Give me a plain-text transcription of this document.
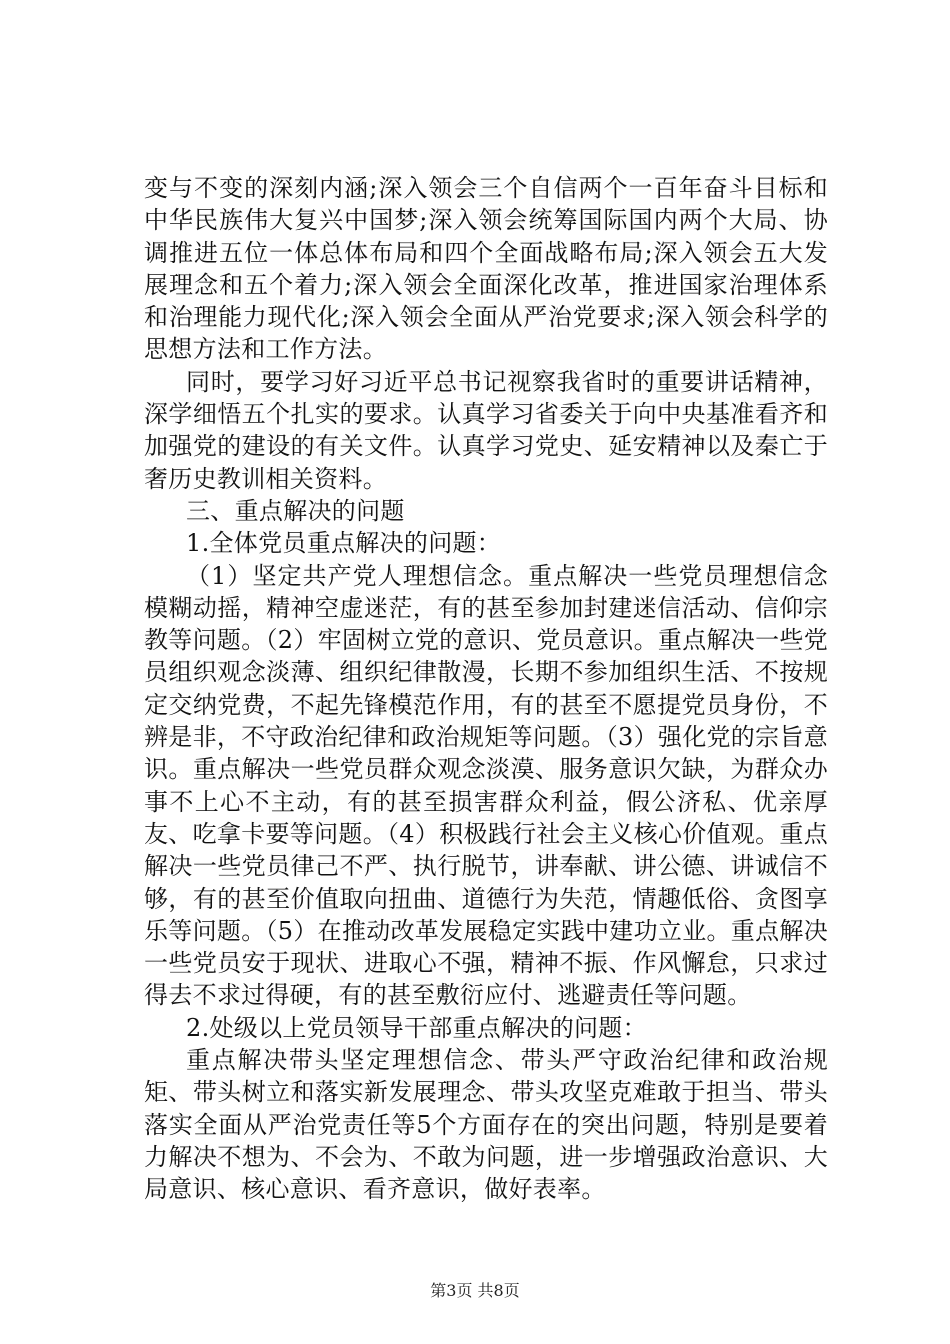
变与不变的深刻内涵;深入领会三个自信两个一百年奋斗目标和中华民族伟大复兴中国梦;深入领会统筹国际国内两个大局、协调推进五位一体总体布局和四个全面战略布局;深入领会五大发展理念和五个着力;深入领会全面深化改革，推进国家治理体系和治理能力现代化;深入领会全面从严治党要求;深入领会科学的思想方法和工作方法。

同时，要学习好习近平总书记视察我省时的重要讲话精神，深学细悟五个扎实的要求。认真学习省委关于向中央基准看齐和加强党的建设的有关文件。认真学习党史、延安精神以及秦亡于奢历史教训相关资料。

三、重点解决的问题

1.全体党员重点解决的问题：

（1）坚定共产党人理想信念。重点解决一些党员理想信念模糊动摇，精神空虚迷茫，有的甚至参加封建迷信活动、信仰宗教等问题。（2）牢固树立党的意识、党员意识。重点解决一些党员组织观念淡薄、组织纪律散漫，长期不参加组织生活、不按规定交纳党费，不起先锋模范作用，有的甚至不愿提党员身份，不辨是非，不守政治纪律和政治规矩等问题。（3）强化党的宗旨意识。重点解决一些党员群众观念淡漠、服务意识欠缺，为群众办事不上心不主动，有的甚至损害群众利益，假公济私、优亲厚友、吃拿卡要等问题。（4）积极践行社会主义核心价值观。重点解决一些党员律己不严、执行脱节，讲奉献、讲公德、讲诚信不够，有的甚至价值取向扭曲、道德行为失范，情趣低俗、贪图享乐等问题。（5）在推动改革发展稳定实践中建功立业。重点解决一些党员安于现状、进取心不强，精神不振、作风懈怠，只求过得去不求过得硬，有的甚至敷衍应付、逃避责任等问题。

2.处级以上党员领导干部重点解决的问题：

重点解决带头坚定理想信念、带头严守政治纪律和政治规矩、带头树立和落实新发展理念、带头攻坚克难敢于担当、带头落实全面从严治党责任等5个方面存在的突出问题，特别是要着力解决不想为、不会为、不敢为问题，进一步增强政治意识、大局意识、核心意识、看齐意识，做好表率。

第3页 共8页
